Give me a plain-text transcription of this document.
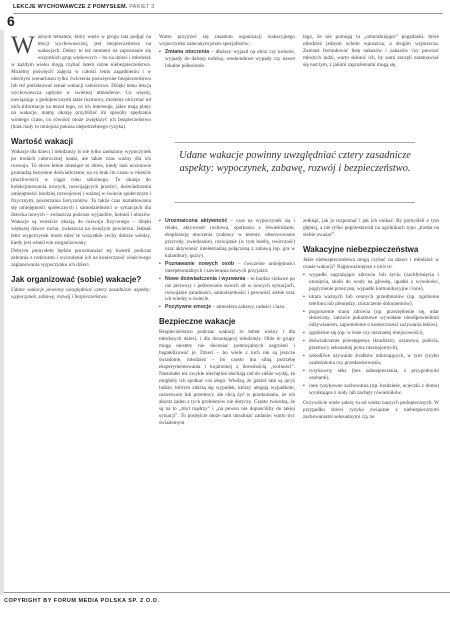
LEKCJE WYCHOWAWCZE Z POMYSŁEM. PAKIET 3
6

Ważnym tematem, który warto w progu lata podjąć na lekcji wychowawczej, jest bezpieczeństwo na wakacjach. Dobry to też moment na zapoznanie się wszystkich grup wiekowych – bo na dzieci i młodzież w każdym wieku mogą czyhać latem różne niebezpieczeństwa. Możemy poświęcić zajęcia w całości temu zagadnieniu i w obecnym scenariuszu tylko ćwiczenia poświęcone bezpieczeństwu lub też potraktować temat wakacji całościowo. Dzięki temu lekcja wychowawcza upłynie w świetnej atmosferze. Co więcej, nawiązując z podopiecznymi takie rozmowy, możemy otrzymać od nich informacje na temat tego, co ich interesuje, jakie mają plany na wakacje, mamy okazję przybliżać im sposoby spędzania wolnego czasu, co również może zwiększyć ich bezpieczeństwo (brak nudy to mniejsza pokusa niepotrzebnego ryzyka).

Wartość wakacji

Wakacje dla dzieci i młodzieży to nie tylko zasłużony wypoczynek po trudach całorocznej nauki, ale także czas ważny dla ich rozwoju. To okres letnie miesiące to okres, kiedy nasi uczniowie gromadzą bezcenne doświadczenie, na co brak im czasu w mieście (możliwości) w ciągu roku szkolnego. To okazja do kolekcjonowania nowych, rozwijających przeżyć, doświadczenia umiejętności bardziej rozwojowej i ważnej w świecie społecznym i fizycznym, poszerzania horyzontów. To także czas kształtowania się umiejętności społecznych i samodzielności w sytuacjach dla dziecka nowych – zwłaszcza podczas wyjazdów, kolonii i obozów. Wakacje są wreszcie okazją do rozwoju fizycznego – dzięki większej dawce ruchu, zwłaszcza na świeżym powietrzu. Jednak letni wypoczynek może mieć te wszystkie cechy dobrze wiedzy, kiedy jest właściwie zorganizowany.

Dobrym pomysłem będzie porozmawiać tej kwestii podczas zebrania z rodzicami i wyczulenie ich na konieczność właściwego zaplanowania wypoczynku ich dzieci.

Jak organizować (sobie) wakacje?

Udane wakacje powinny uwzględniać cztery zasadnicze aspekty: wypoczynek, zabawę, rozwój i bezpieczeństwo.

Warto przyjrzeć się zasadom organizacji wakacyjnego wypoczynku zalecanym przez specjalistów:

• Zmiana otoczenia – dłuższy wyjazd na obóz czy kolonie, wyjazdy do dalszej rodziny, weekendowe wypady czy nawet lokalne półkolonie.

tego, że nie pomogą tu „umoralniające” pogadanki, które młodzież jednym uchem wpuszcza, a drugim wypuszcza. Zamiast formułować listę nakazów i zakazów czy pouczać młodych ludzi, warto skłonić ich, by sami zaczęli zastanawiać się nad tym, z jakimi zagrożeniami mogą się

Udane wakacje powinny uwzględniać cztery zasadnicze aspekty: wypoczynek, zabawę, rozwój i bezpieczeństwo.
• Urozmaicona aktywność – czas na wypoczynek się i relaks, aktywność ruchowa, spotkania z rówieśnikami, eksplorację otoczenia (zabawy w terenie, obserwowanie przyrody, zwiedzanie), rozwijanie (w tym hobby, twórczość) oraz aktywność intelektualną połączoną z zabawą (np. gra w kalambury, quizy).
• Poznawanie nowych osób – ćwiczenie umiejętności interpersonalnych i zawierania nowych przyjaźni.
• Nowe doświadczenia i wyzwania – to bardzo ciekawe po raz pierwszy i próbowanie swoich sił w nowych sytuacjach, rozwijanie zaradności, samodzielności i pewności siebie oraz ich wiedzy o świecie.
• Pozytywne emocje – atmosfera zabawy, radości i luzu.
Bezpieczne wakacje

Bezpieczeństwo podczas wakacji to temat ważny i dla młodszych dzieci, i dla dorastającej młodzieży. Obie te grupy mogą niestety nie doceniać potencjalnych zagrożeń i bagatelizować je. Dzieci – bo wiele z nich nie są jeszcze świadome, młodzież – bo często ma silną potrzebę eksperymentowania i kojarzonej z dorosłością „wolności”. Nastolatki też zwykle niechętnie słuchają rad do siebie wydaj, że mogłoby ich spotkać coś złego. Wiedzą, że gdzieś tam są jacyś ludzie, którym zdarzą się wypadek, którzy ulegają wypadkom, oszustwom lub przemocy, ale chcą żyć w przekonaniu, że ich akurat żaden z tych problemów nie dotyczy. Często twierdzą, że są na to „zbyt mądrzy” i „na pewno nie dopuściliby do takiej sytuacji”. To podejście może nam utrudniać zadanie; warto być świadomym

zetknąć, jak je rozpoznać i jak ich unikać. By pomyśleli o tym głębiej, a nie tylko poprzestawali na ogólnikach typu „trzeba na siebie uważać”.

Wakacyjne niebezpieczeństwa

Jakie niebezpieczeństwa mogą czyhać na dzieci i młodzież w czasie wakacji? Najpoważniejsze z nich to:

• wypadki zagrażające zdrowiu lub życiu (zachłyśnięcia i utonięcia, skoki do wody na główkę, upadki z wysokości, pogryzienie przez psa, wypadki komunikacyjne i inne),
• utrata ważnych lub cennych przedmiotów (np. zgubienie telefonu lub pieniędzy, zniszczenie dokumentów),
• pogorszenie stanu zdrowia (np. przeziębienie się, udar słoneczny, zatrucie pokarmowe wywołane nieodpowiednim odżywianiem, zapomnienie o konieczności zażywania leków),
• zgubienie się (np. w lesie czy nieznanej miejscowości),
• doświadczenie przestępstwa (kradzieży, oszustwa, pobicia, przemocy seksualnej przez nieznajomych),
• szkodliwe używanie środków odurzających, w tym ryzyko uzależnienia czy przedawkowania,
• ryzykowny seks (bez zabezpieczenia, z przygodnymi osobami),
• inne ryzykowne zachowania (np. kradzieże, ucieczki z domu) wynikające z nudy lub zachęty rówieśników.

Oczywiście wiele zależy tu od wieku naszych podopiecznych. W przypadku dzieci ryzyko związane z niebezpiecznymi zachowaniami seksualnymi czy ze

COPYRIGHT BY FORUM MEDIA POLSKA SP. Z O.O.
